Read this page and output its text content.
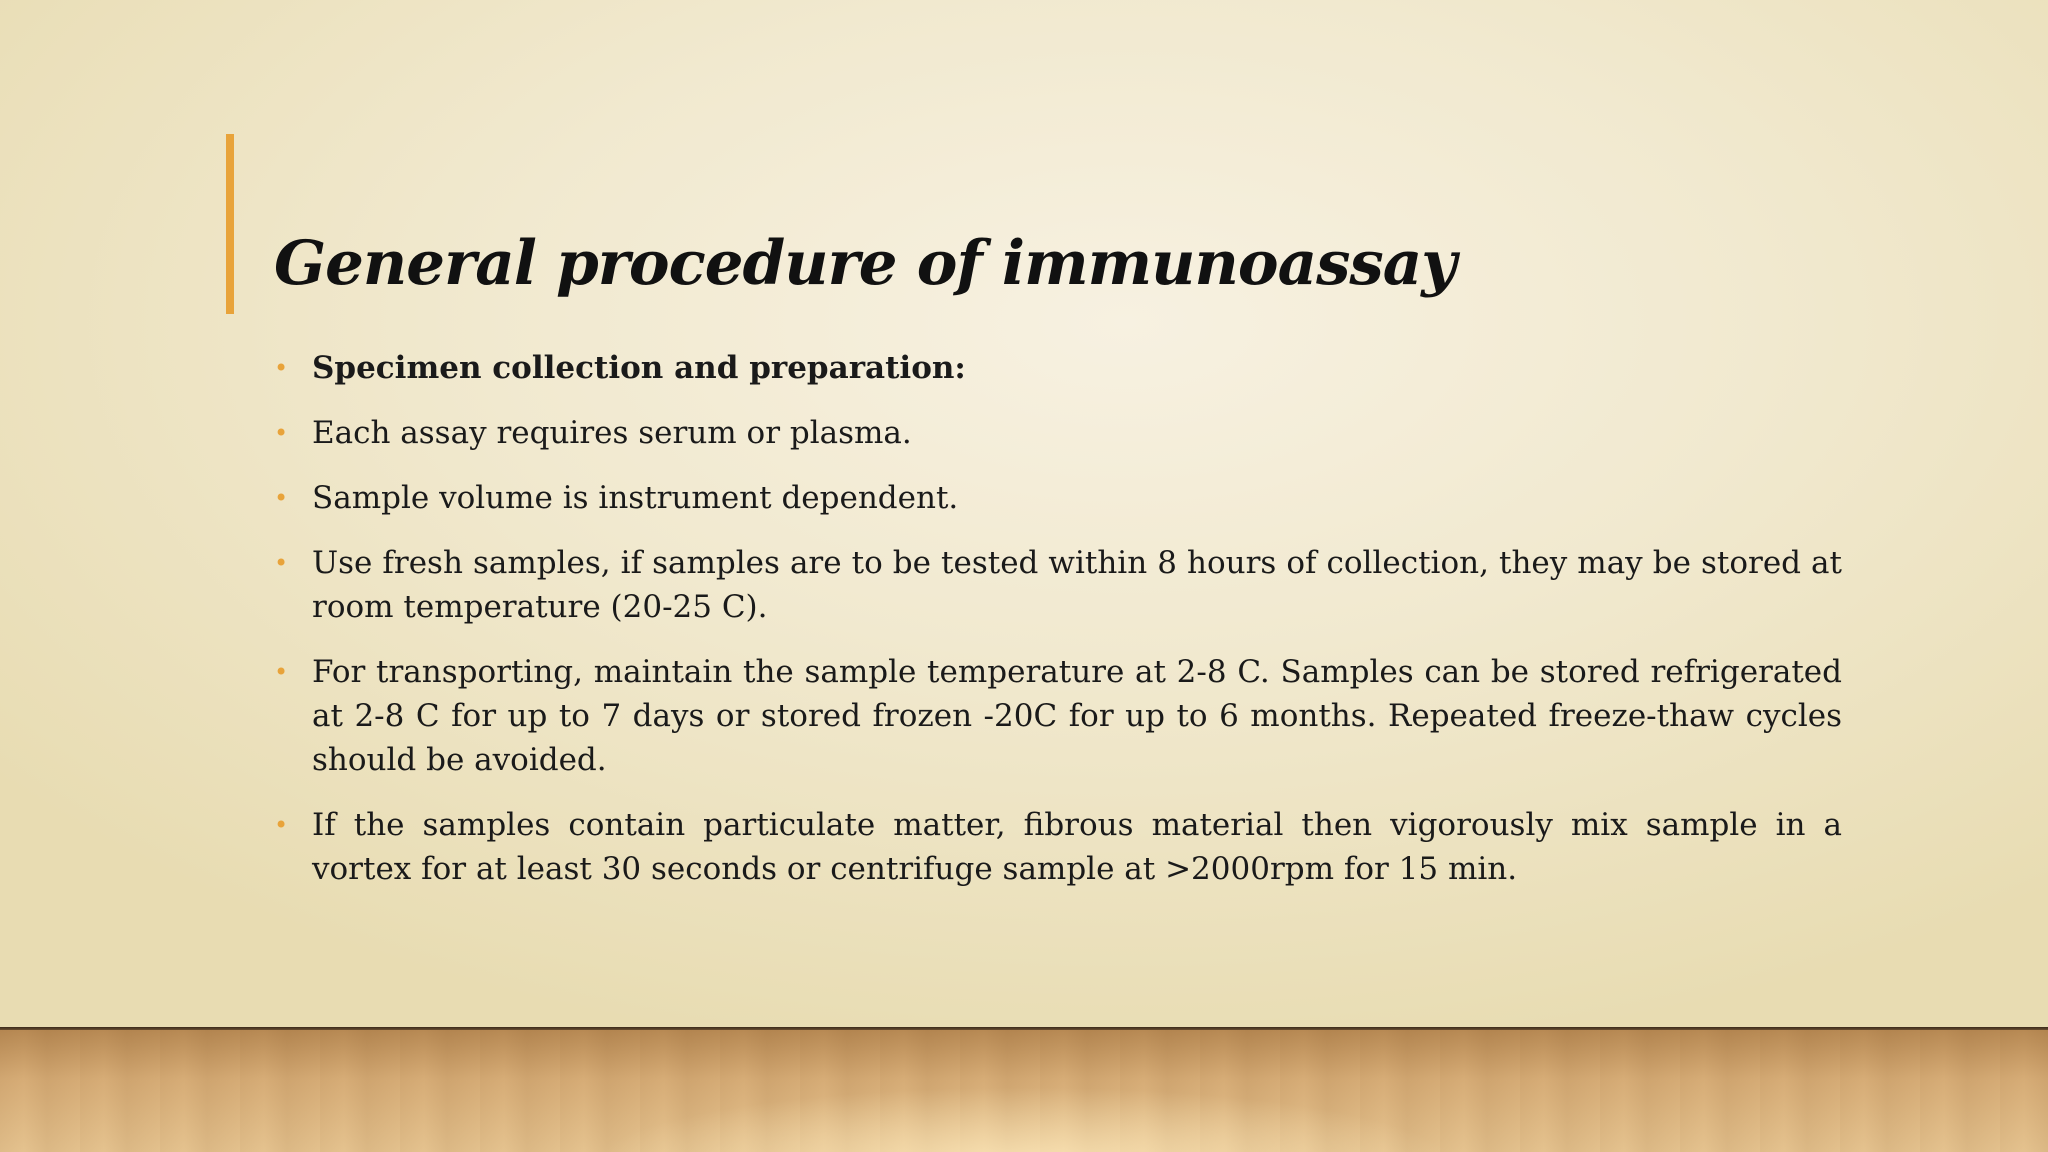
General procedure of immunoassay
• Specimen collection and preparation:
• Each assay requires serum or plasma.
• Sample volume is instrument dependent.
• Use fresh samples, if samples are to be tested within 8 hours of collection, they may be stored at room temperature (20-25 C).
• For transporting, maintain the sample temperature at 2-8 C. Samples can be stored refrigerated at 2-8 C for up to 7 days or stored frozen -20C for up to 6 months. Repeated freeze-thaw cycles should be avoided.
• If the samples contain particulate matter, fibrous material then vigorously mix sample in a vortex for at least 30 seconds or centrifuge sample at >2000rpm for 15 min.
